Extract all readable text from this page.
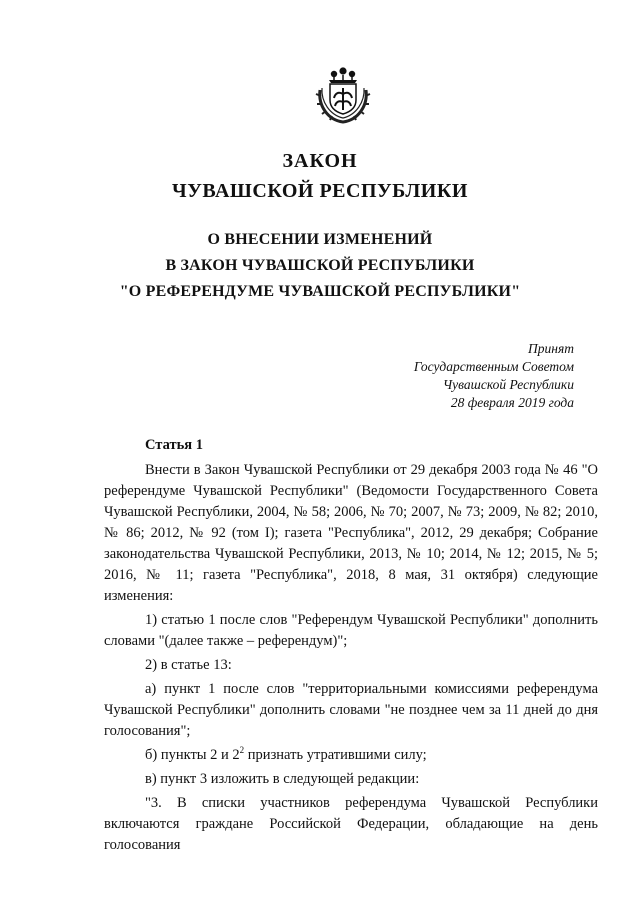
ЗАКОН
ЧУВАШСКОЙ РЕСПУБЛИКИ
О ВНЕСЕНИИ ИЗМЕНЕНИЙ
В ЗАКОН ЧУВАШСКОЙ РЕСПУБЛИКИ
"О РЕФЕРЕНДУМЕ ЧУВАШСКОЙ РЕСПУБЛИКИ"
Принят
Государственным Советом
Чувашской Республики
28 февраля 2019 года
Статья 1

Внести в Закон Чувашской Республики от 29 декабря 2003 года № 46 "О референдуме Чувашской Республики" (Ведомости Государственного Совета Чувашской Республики, 2004, № 58; 2006, № 70; 2007, № 73; 2009, № 82; 2010, № 86; 2012, № 92 (том I); газета "Республика", 2012, 29 декабря; Собрание законодательства Чувашской Республики, 2013, № 10; 2014, № 12; 2015, № 5; 2016, № 11; газета "Республика", 2018, 8 мая, 31 октября) следующие изменения:

1) статью 1 после слов "Референдум Чувашской Республики" дополнить словами "(далее также – референдум)";

2) в статье 13:

а) пункт 1 после слов "территориальными комиссиями референдума Чувашской Республики" дополнить словами "не позднее чем за 11 дней до дня голосования";

б) пункты 2 и $2^2$ признать утратившими силу;

в) пункт 3 изложить в следующей редакции:

"3. В списки участников референдума Чувашской Республики включаются граждане Российской Федерации, обладающие на день голосования
